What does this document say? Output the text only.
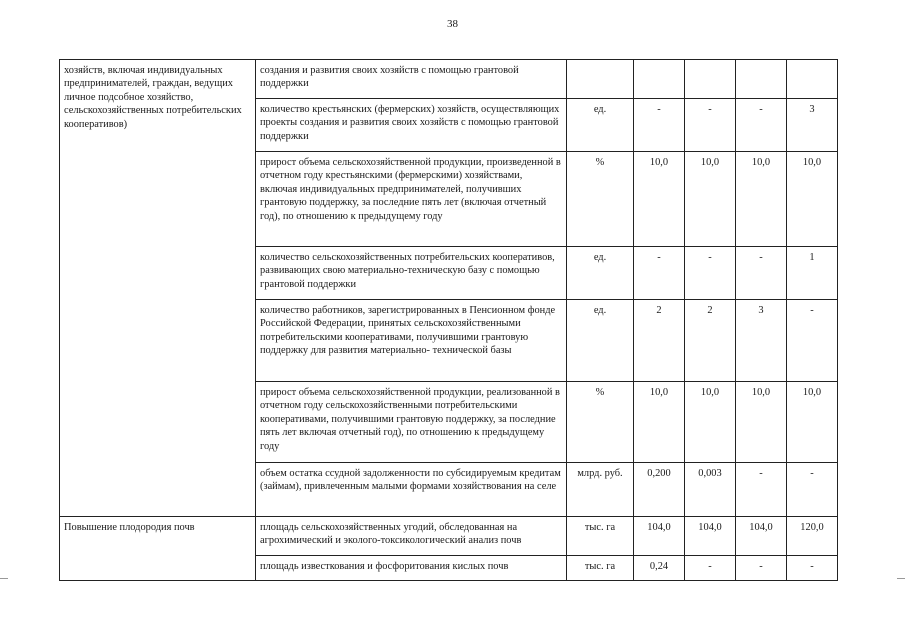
38
хозяйств, включая индивидуальных предпринимателей, граждан, ведущих личное подсобное хозяйство, сельскохозяйственных потребительских кооперативов)	создания и развития своих хозяйств с помощью грантовой поддержки					
	количество крестьянских (фермерских) хозяйств, осуществляющих проекты создания и развития своих хозяйств с помощью грантовой поддержки	ед.	-	-	-	3
	прирост объема сельскохозяйственной продукции, произведенной в отчетном году крестьянскими (фермерскими) хозяйствами, включая индивидуальных предпринимателей, получивших грантовую поддержку, за последние пять лет (включая отчетный год), по отношению к предыдущему году	%	10,0	10,0	10,0	10,0
	количество сельскохозяйственных потребительских кооперативов, развивающих свою материально-техническую базу с помощью грантовой поддержки	ед.	-	-	-	1
	количество работников, зарегистрированных в Пенсионном фонде Российской Федерации, принятых сельскохозяйственными потребительскими кооперативами, получившими грантовую поддержку для развития материально- технической базы	ед.	2	2	3	-
	прирост объема сельскохозяйственной продукции, реализованной в отчетном году сельскохозяйственными потребительскими кооперативами, получившими грантовую поддержку, за последние пять лет включая отчетный год), по отношению к предыдущему году	%	10,0	10,0	10,0	10,0
	объем остатка ссудной задолженности по субсидируемым кредитам (займам), привлеченным малыми формами хозяйствования на селе	млрд. руб.	0,200	0,003	-	-
Повышение плодородия почв	площадь сельскохозяйственных угодий, обследованная на агрохимический и эколого-токсикологический анализ почв	тыс. га	104,0	104,0	104,0	120,0
	площадь известкования и фосфоритования кислых почв	тыс. га	0,24	-	-	-
